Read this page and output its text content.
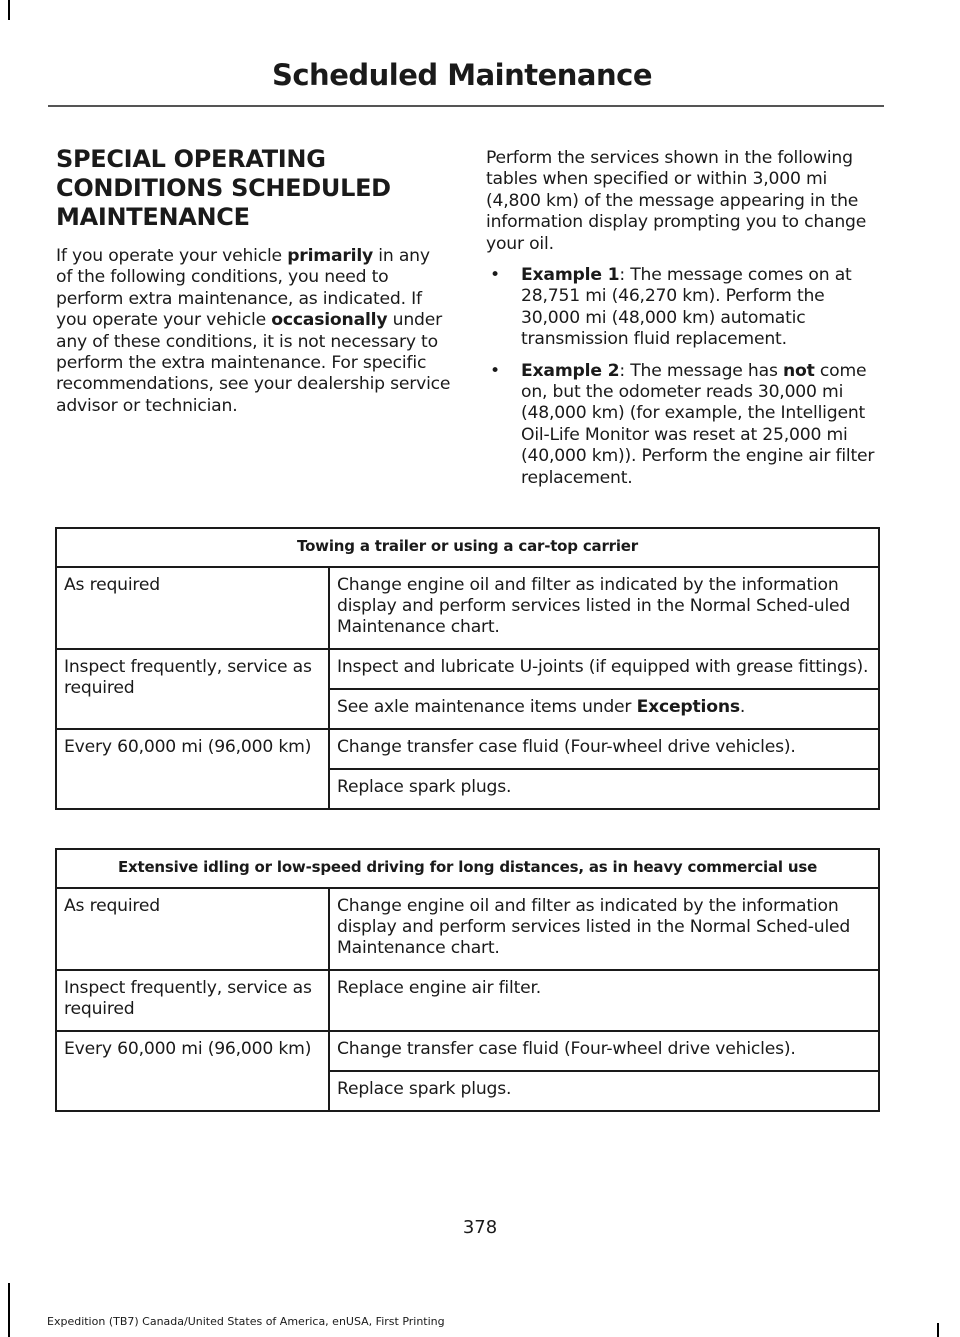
Scheduled Maintenance
SPECIAL OPERATING
CONDITIONS SCHEDULED
MAINTENANCE

If you operate your vehicle primarily in any of the following conditions, you need to perform extra maintenance, as indicated. If you operate your vehicle occasionally under any of these conditions, it is not necessary to perform the extra maintenance. For specific recommendations, see your dealership service advisor or technician.

Perform the services shown in the following tables when specified or within 3,000 mi (4,800 km) of the message appearing in the information display prompting you to change your oil.

• Example 1: The message comes on at 28,751 mi (46,270 km). Perform the 30,000 mi (48,000 km) automatic transmission fluid replacement.
• Example 2: The message has not come on, but the odometer reads 30,000 mi (48,000 km) (for example, the Intelligent Oil-Life Monitor was reset at 25,000 mi (40,000 km)). Perform the engine air filter replacement.
Towing a trailer or using a car-top carrier	
As required	Change engine oil and filter as indicated by the information display and perform services listed in the Normal Sched-uled Maintenance chart.
Inspect frequently, service as required	Inspect and lubricate U-joints (if equipped with grease fittings).
	See axle maintenance items under Exceptions.
Every 60,000 mi (96,000 km)	Change transfer case fluid (Four-wheel drive vehicles).
	Replace spark plugs.
Extensive idling or low-speed driving for long distances, as in heavy commercial use	
As required	Change engine oil and filter as indicated by the information display and perform services listed in the Normal Sched-uled Maintenance chart.
Inspect frequently, service as required	Replace engine air filter.
Every 60,000 mi (96,000 km)	Change transfer case fluid (Four-wheel drive vehicles).
	Replace spark plugs.
378
Expedition (TB7) Canada/United States of America, enUSA, First Printing
